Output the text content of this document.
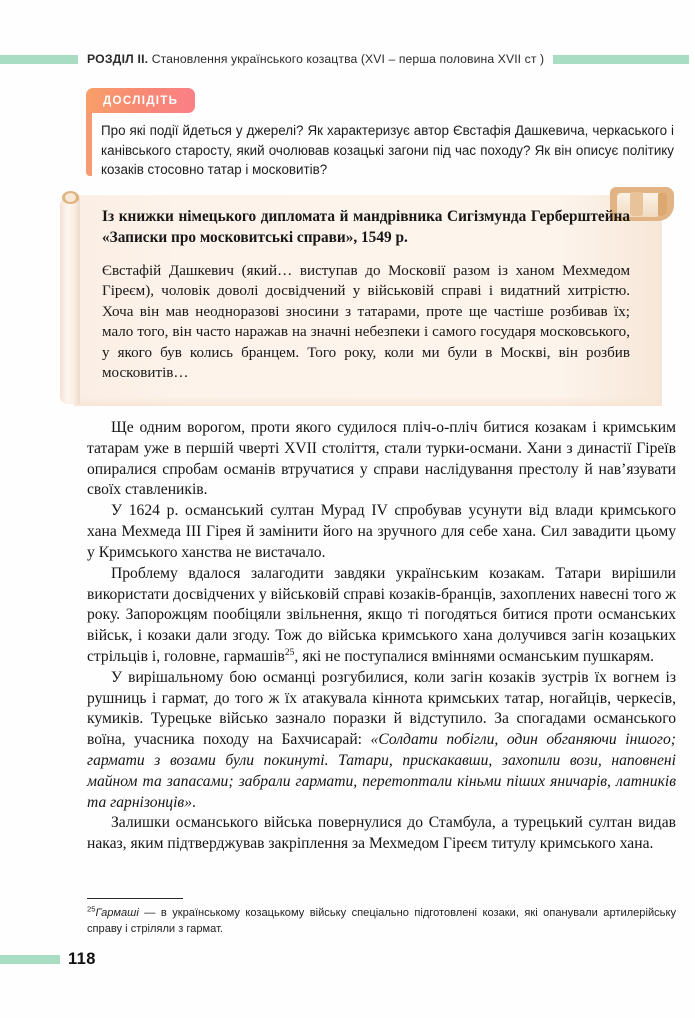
РОЗДІЛ II. Становлення українського козацтва (XVI – перша половина XVII ст )
ДОСЛІДІТЬ

Про які події йдеться у джерелі? Як характеризує автор Євстафія Дашкевича, черкаського і канівського старосту, який очолював козацькі загони під час походу? Як він описує політику козаків стосовно татар і московитів?

Із книжки німецького дипломата й мандрівника Сигізмунда Герберштейна «Записки про московитські справи», 1549 р.

Євстафій Дашкевич (який… виступав до Московії разом із ханом Мехмедом Гіреєм), чоловік доволі досвідчений у військовій справі і видатний хитрістю. Хоча він мав неодноразові зносини з татарами, проте ще частіше розбивав їх; мало того, він часто наражав на значні небезпеки і самого государя московського, у якого був колись бранцем. Того року, коли ми були в Москві, він розбив московитів…

Ще одним ворогом, проти якого судилося пліч-о-пліч битися козакам і кримським татарам уже в першій чверті XVII століття, стали турки-османи. Хани з династії Гіреїв опиралися спробам османів втручатися у справи наслідування престолу й нав’язувати своїх ставлеників.

У 1624 р. османський султан Мурад IV спробував усунути від влади кримського хана Мехмеда III Гірея й замінити його на зручного для себе хана. Сил завадити цьому у Кримського ханства не вистачало.

Проблему вдалося залагодити завдяки українським козакам. Татари вирішили використати досвідчених у військовій справі козаків-бранців, захоплених навесні того ж року. Запорожцям пообіцяли звільнення, якщо ті погодяться битися проти османських військ, і козаки дали згоду. Тож до війська кримського хана долучився загін козацьких стрільців і, головне, гармашів$^{25}$, які не поступалися вміннями османським пушкарям.

У вирішальному бою османці розгубилися, коли загін козаків зустрів їх вогнем із рушниць і гармат, до того ж їх атакувала кіннота кримських татар, ногайців, черкесів, кумиків. Турецьке військо зазнало поразки й відступило. За спогадами османського воїна, учасника походу на Бахчисарай: «Солдати побігли, один обганяючи іншого; гармати з возами були покинуті. Татари, прискакавши, захопили вози, наповнені майном та запасами; забрали гармати, перетоптали кіньми піших яничарів, латників та гарнізонців».

Залишки османського війська повернулися до Стамбула, а турецький султан видав наказ, яким підтверджував закріплення за Мехмедом Гіреєм титулу кримського хана.

$^{25}$Гармаші — в українському козацькому війську спеціально підготовлені козаки, які опанували артилерійську справу і стріляли з гармат.

118
